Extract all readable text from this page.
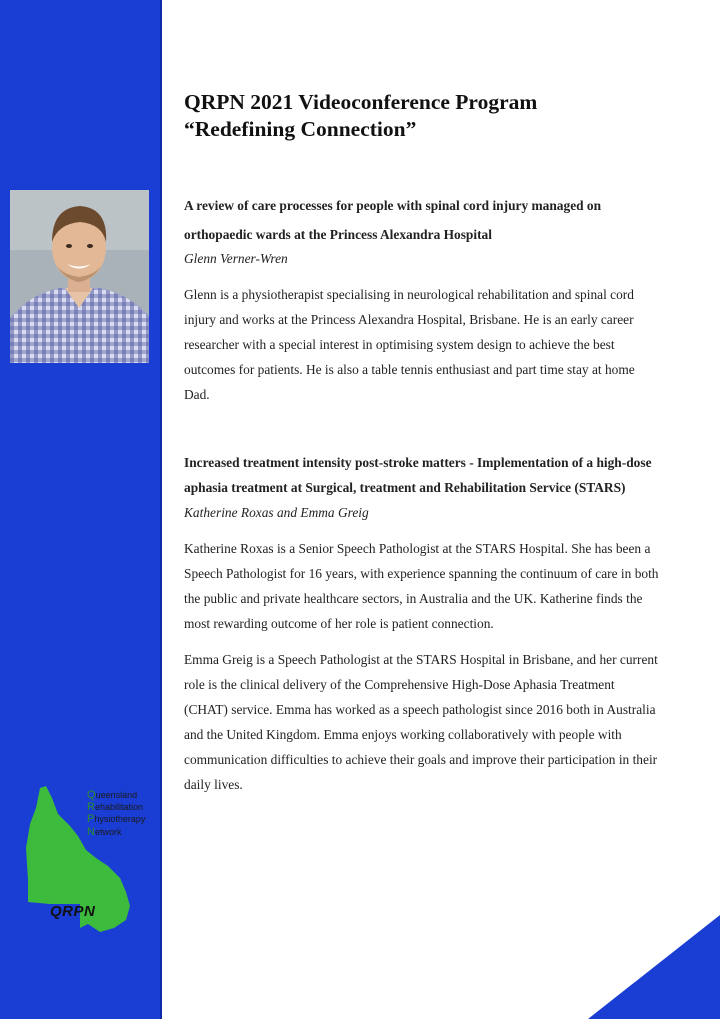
Queensland
Rehabilitation
Physiotherapy
Network
QRPN
QRPN 2021 Videoconference Program
“Redefining Connection”

A review of care processes for people with spinal cord injury managed on

orthopaedic wards at the Princess Alexandra Hospital

Glenn Verner-Wren

Glenn is a physiotherapist specialising in neurological rehabilitation and spinal cord injury and works at the Princess Alexandra Hospital, Brisbane. He is an early career researcher with a special interest in optimising system design to achieve the best outcomes for patients. He is also a table tennis enthusiast and part time stay at home Dad.

Increased treatment intensity post-stroke matters - Implementation of a high-dose aphasia treatment at Surgical, treatment and Rehabilitation Service (STARS)

Katherine Roxas and Emma Greig

Katherine Roxas is a Senior Speech Pathologist at the STARS Hospital. She has been a Speech Pathologist for 16 years, with experience spanning the continuum of care in both the public and private healthcare sectors, in Australia and the UK. Katherine finds the most rewarding outcome of her role is patient connection.

Emma Greig is a Speech Pathologist at the STARS Hospital in Brisbane, and her current role is the clinical delivery of the Comprehensive High-Dose Aphasia Treatment (CHAT) service. Emma has worked as a speech pathologist since 2016 both in Australia and the United Kingdom. Emma enjoys working collaboratively with people with communication difficulties to achieve their goals and improve their participation in their daily lives.
